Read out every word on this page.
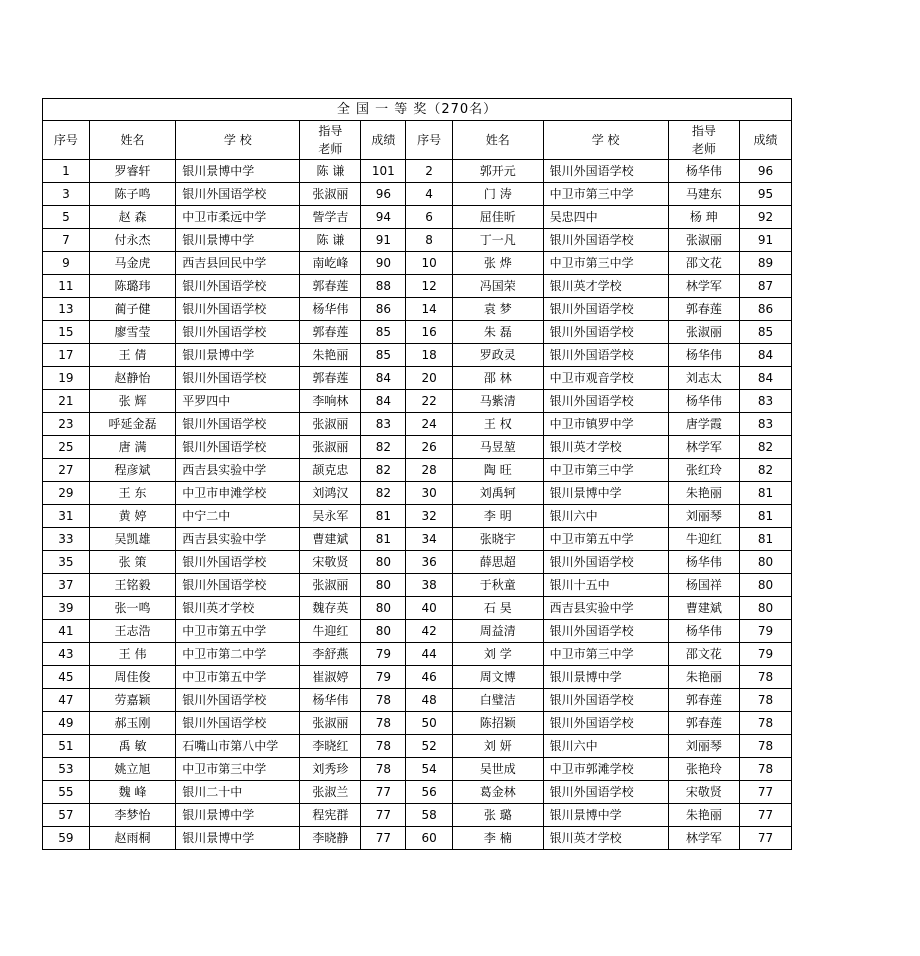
全 国 一 等 奖（270名）									
序号	姓名	学 校	指导
老师	成绩	序号	姓名	学 校	指导
老师	成绩
1	罗睿轩	银川景博中学	陈 谦	101	2	郭开元	银川外国语学校	杨华伟	96
3	陈子鸣	银川外国语学校	张淑丽	96	4	门 涛	中卫市第三中学	马建东	95
5	赵 森	中卫市柔远中学	訾学吉	94	6	屈佳昕	吴忠四中	杨 珅	92
7	付永杰	银川景博中学	陈 谦	91	8	丁一凡	银川外国语学校	张淑丽	91
9	马金虎	西吉县回民中学	南屹峰	90	10	张 烨	中卫市第三中学	邵文花	89
11	陈璐玮	银川外国语学校	郭春莲	88	12	冯国荣	银川英才学校	林学军	87
13	蔺子健	银川外国语学校	杨华伟	86	14	袁 梦	银川外国语学校	郭春莲	86
15	廖雪莹	银川外国语学校	郭春莲	85	16	朱 磊	银川外国语学校	张淑丽	85
17	王 倩	银川景博中学	朱艳丽	85	18	罗政灵	银川外国语学校	杨华伟	84
19	赵静怡	银川外国语学校	郭春莲	84	20	邵 林	中卫市观音学校	刘志太	84
21	张 辉	平罗四中	李响林	84	22	马紫清	银川外国语学校	杨华伟	83
23	呼延金磊	银川外国语学校	张淑丽	83	24	王 权	中卫市镇罗中学	唐学霞	83
25	唐 满	银川外国语学校	张淑丽	82	26	马昱堃	银川英才学校	林学军	82
27	程彦斌	西吉县实验中学	颉克忠	82	28	陶 旺	中卫市第三中学	张红玲	82
29	王 东	中卫市申滩学校	刘鸿汉	82	30	刘禹轲	银川景博中学	朱艳丽	81
31	黄 婷	中宁二中	吴永军	81	32	李 明	银川六中	刘丽琴	81
33	吴凯雄	西吉县实验中学	曹建斌	81	34	张晓宇	中卫市第五中学	牛迎红	81
35	张 策	银川外国语学校	宋敬贤	80	36	薛思超	银川外国语学校	杨华伟	80
37	王铭毅	银川外国语学校	张淑丽	80	38	于秋童	银川十五中	杨国祥	80
39	张一鸣	银川英才学校	魏存英	80	40	石 昊	西吉县实验中学	曹建斌	80
41	王志浩	中卫市第五中学	牛迎红	80	42	周益清	银川外国语学校	杨华伟	79
43	王 伟	中卫市第二中学	李舒燕	79	44	刘 学	中卫市第三中学	邵文花	79
45	周佳俊	中卫市第五中学	崔淑婷	79	46	周文博	银川景博中学	朱艳丽	78
47	劳嘉颖	银川外国语学校	杨华伟	78	48	白璧洁	银川外国语学校	郭春莲	78
49	郝玉刚	银川外国语学校	张淑丽	78	50	陈招颖	银川外国语学校	郭春莲	78
51	禹 敏	石嘴山市第八中学	李晓红	78	52	刘 妍	银川六中	刘丽琴	78
53	姚立旭	中卫市第三中学	刘秀珍	78	54	吴世成	中卫市郭滩学校	张艳玲	78
55	魏 峰	银川二十中	张淑兰	77	56	葛金林	银川外国语学校	宋敬贤	77
57	李梦怡	银川景博中学	程宪群	77	58	张 璐	银川景博中学	朱艳丽	77
59	赵雨桐	银川景博中学	李晓静	77	60	李 楠	银川英才学校	林学军	77
